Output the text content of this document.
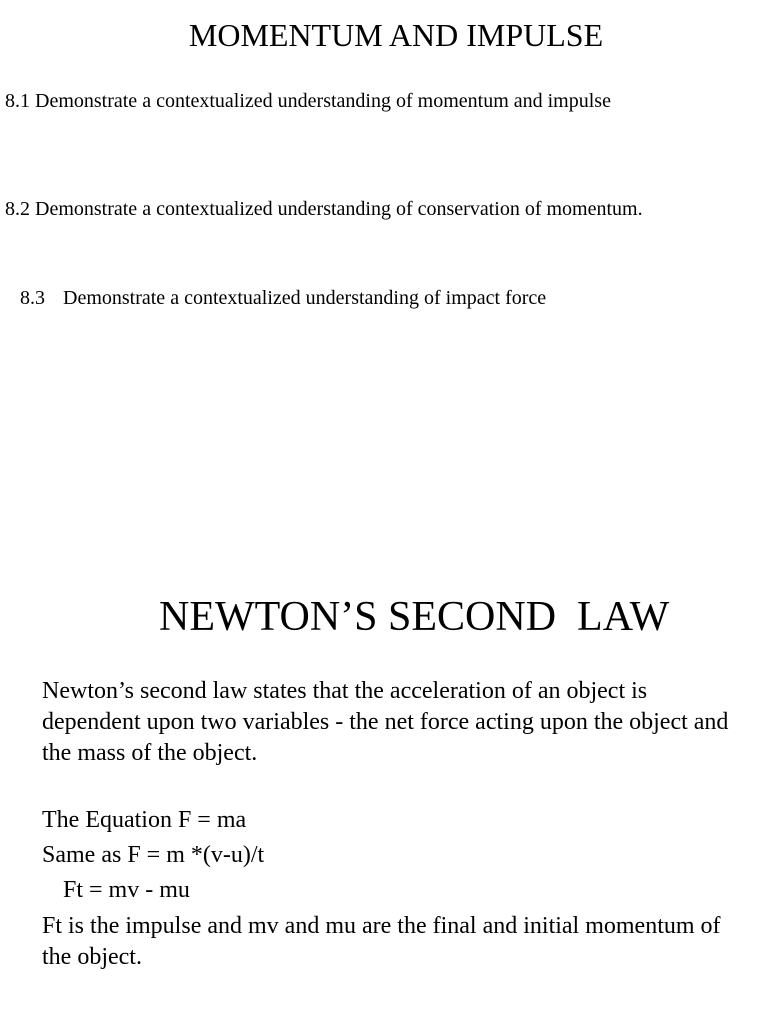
MOMENTUM AND IMPULSE
8.1 Demonstrate a contextualized understanding of momentum and impulse
8.2 Demonstrate a contextualized understanding of conservation of momentum.
8.3 Demonstrate a contextualized understanding of impact force
NEWTON’S SECOND  LAW
Newton’s second law states that the acceleration of an object is dependent upon two variables - the net force acting upon the object and the mass of the object.
The Equation F = ma
Same as F = m *(v-u)/t
Ft = mv - mu
Ft is the impulse and mv and mu are the final and initial momentum of the object.
